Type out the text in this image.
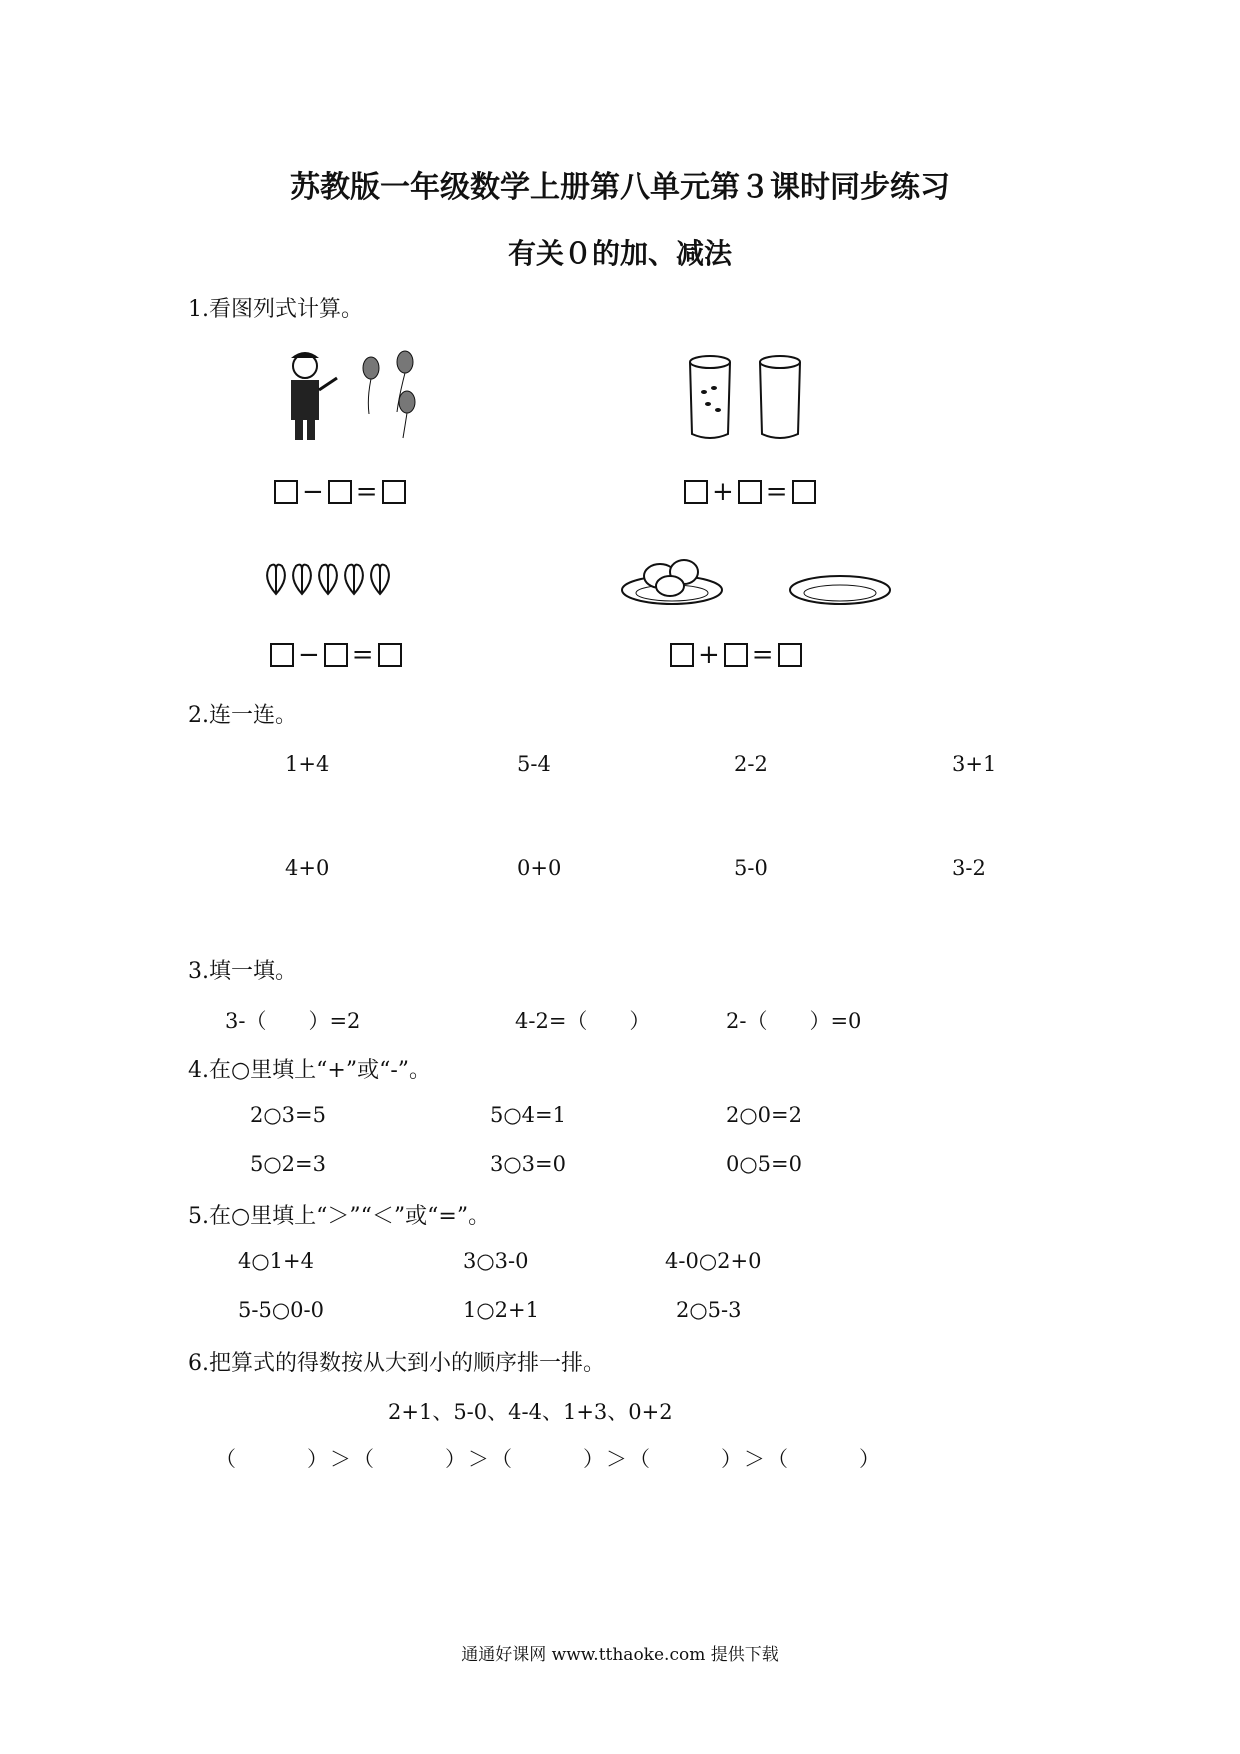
苏教版一年级数学上册第八单元第３课时同步练习
有关０的加、减法
1.看图列式计算。
− =	+ =
− =	+ =
2.连一连。
1+4	5-4	2-2	3+1
4+0	0+0	5-0	3-2
3.填一填。
3-（　　）=2	4-2=（　　）	2-（　　）=0
4.在○里填上“+”或“-”。
2○3=5	5○4=1	2○0=2
5○2=3	3○3=0	0○5=0
5.在○里填上“＞”“＜”或“=”。
4○1+4	3○3-0	4-0○2+0
5-5○0-0	1○2+1	2○5-3
6.把算式的得数按从大到小的顺序排一排。
2+1、5-0、4-4、1+3、0+2
（　　　）＞（　　　）＞（　　　）＞（　　　）＞（　　　）
通通好课网 www.tthaoke.com 提供下载
